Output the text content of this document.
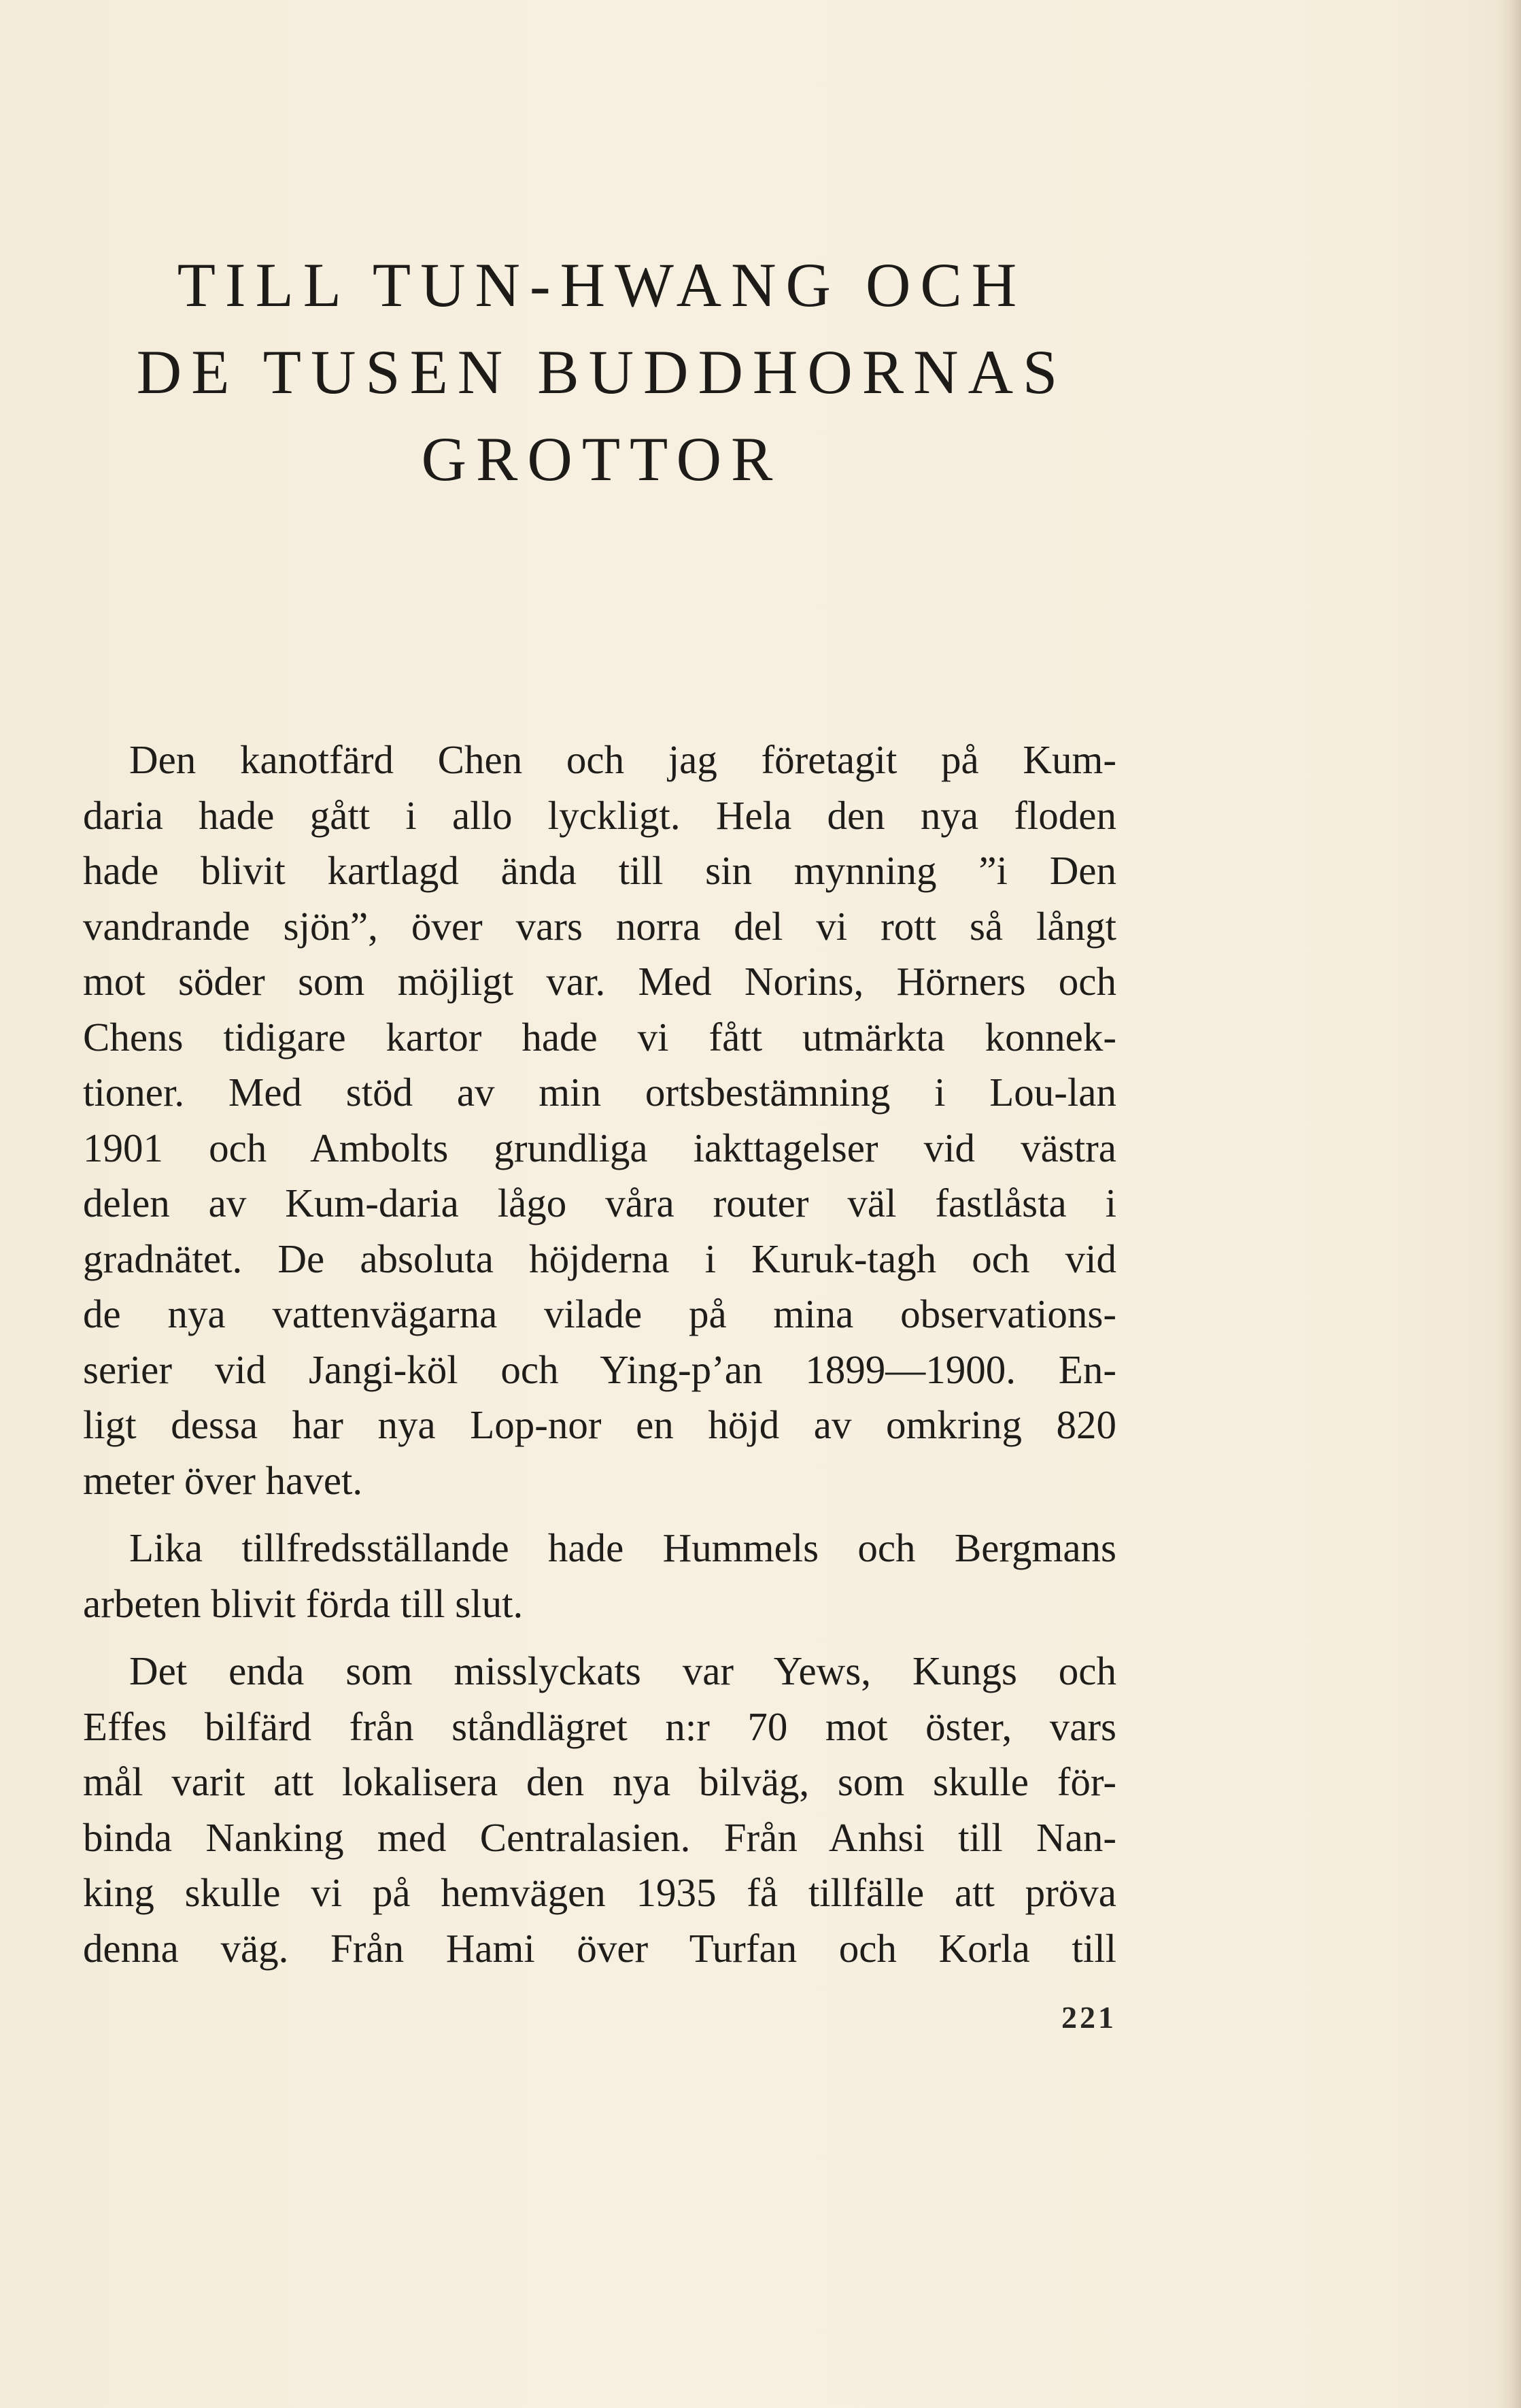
TILL TUN-HWANG OCH
DE TUSEN BUDDHORNAS
GROTTOR
Den kanotfärd Chen och jag företagit på Kum-
daria hade gått i allo lyckligt. Hela den nya floden
hade blivit kartlagd ända till sin mynning ”i Den
vandrande sjön”, över vars norra del vi rott så långt
mot söder som möjligt var. Med Norins, Hörners och
Chens tidigare kartor hade vi fått utmärkta konnek-
tioner. Med stöd av min ortsbestämning i Lou-lan
1901 och Ambolts grundliga iakttagelser vid västra
delen av Kum-daria lågo våra router väl fastlåsta i
gradnätet. De absoluta höjderna i Kuruk-tagh och vid
de nya vattenvägarna vilade på mina observations-
serier vid Jangi-köl och Ying-p’an 1899—1900. En-
ligt dessa har nya Lop-nor en höjd av omkring 820
meter över havet.
Lika tillfredsställande hade Hummels och Bergmans
arbeten blivit förda till slut.
Det enda som misslyckats var Yews, Kungs och
Effes bilfärd från ståndlägret n:r 70 mot öster, vars
mål varit att lokalisera den nya bilväg, som skulle för-
binda Nanking med Centralasien. Från Anhsi till Nan-
king skulle vi på hemvägen 1935 få tillfälle att pröva
denna väg. Från Hami över Turfan och Korla till
221
